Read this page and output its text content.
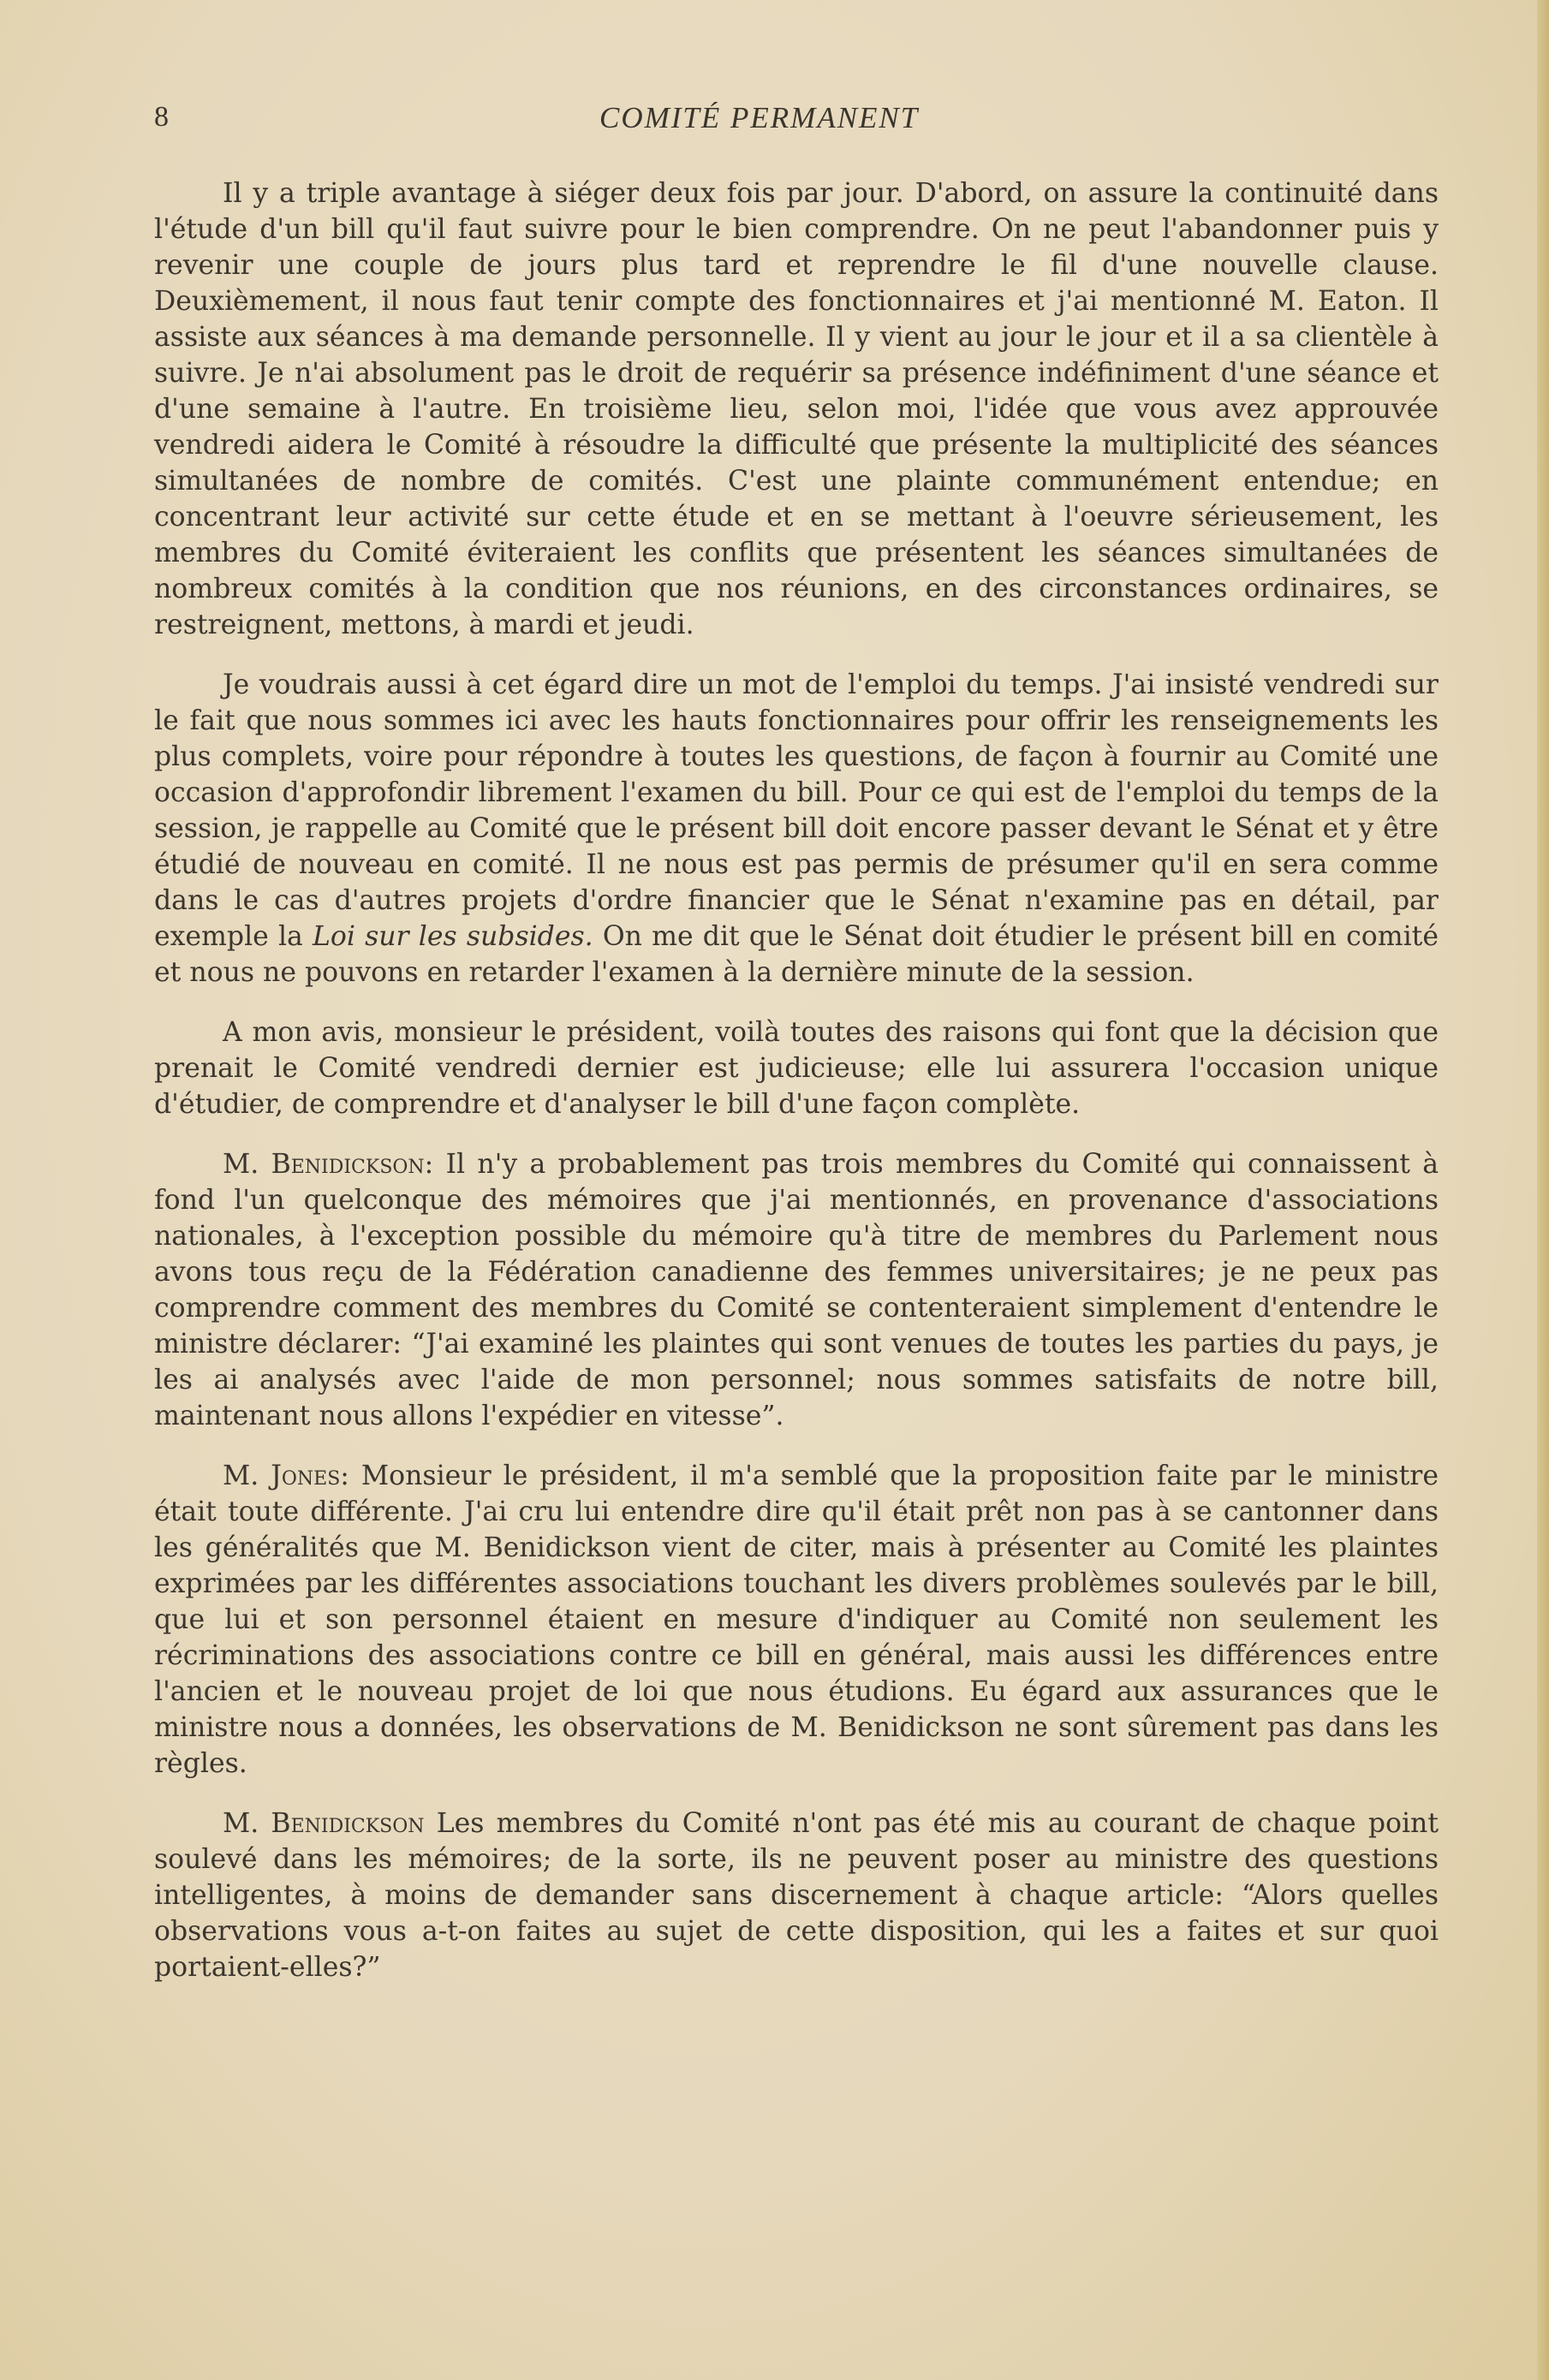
8	COMITÉ PERMANENT

Il y a triple avantage à siéger deux fois par jour. D'abord, on assure la continuité dans l'étude d'un bill qu'il faut suivre pour le bien comprendre. On ne peut l'abandonner puis y revenir une couple de jours plus tard et reprendre le fil d'une nouvelle clause. Deuxièmement, il nous faut tenir compte des fonctionnaires et j'ai mentionné M. Eaton. Il assiste aux séances à ma demande personnelle. Il y vient au jour le jour et il a sa clientèle à suivre. Je n'ai absolument pas le droit de requérir sa présence indéfiniment d'une séance et d'une semaine à l'autre. En troisième lieu, selon moi, l'idée que vous avez approuvée vendredi aidera le Comité à résoudre la difficulté que présente la multiplicité des séances simultanées de nombre de comités. C'est une plainte communément entendue; en concentrant leur activité sur cette étude et en se mettant à l'oeuvre sérieusement, les membres du Comité éviteraient les conflits que présentent les séances simultanées de nombreux comités à la condition que nos réunions, en des circonstances ordinaires, se restreignent, mettons, à mardi et jeudi.

Je voudrais aussi à cet égard dire un mot de l'emploi du temps. J'ai insisté vendredi sur le fait que nous sommes ici avec les hauts fonctionnaires pour offrir les renseignements les plus complets, voire pour répondre à toutes les questions, de façon à fournir au Comité une occasion d'approfondir librement l'examen du bill. Pour ce qui est de l'emploi du temps de la session, je rappelle au Comité que le présent bill doit encore passer devant le Sénat et y être étudié de nouveau en comité. Il ne nous est pas permis de présumer qu'il en sera comme dans le cas d'autres projets d'ordre financier que le Sénat n'examine pas en détail, par exemple la Loi sur les subsides. On me dit que le Sénat doit étudier le présent bill en comité et nous ne pouvons en retarder l'examen à la dernière minute de la session.

A mon avis, monsieur le président, voilà toutes des raisons qui font que la décision que prenait le Comité vendredi dernier est judicieuse; elle lui assurera l'occasion unique d'étudier, de comprendre et d'analyser le bill d'une façon complète.

M. Benidickson: Il n'y a probablement pas trois membres du Comité qui connaissent à fond l'un quelconque des mémoires que j'ai mentionnés, en provenance d'associations nationales, à l'exception possible du mémoire qu'à titre de membres du Parlement nous avons tous reçu de la Fédération canadienne des femmes universitaires; je ne peux pas comprendre comment des membres du Comité se contenteraient simplement d'entendre le ministre déclarer: “J'ai examiné les plaintes qui sont venues de toutes les parties du pays, je les ai analysés avec l'aide de mon personnel; nous sommes satisfaits de notre bill, maintenant nous allons l'expédier en vitesse”.

M. Jones: Monsieur le président, il m'a semblé que la proposition faite par le ministre était toute différente. J'ai cru lui entendre dire qu'il était prêt non pas à se cantonner dans les généralités que M. Benidickson vient de citer, mais à présenter au Comité les plaintes exprimées par les différentes associations touchant les divers problèmes soulevés par le bill, que lui et son personnel étaient en mesure d'indiquer au Comité non seulement les récriminations des associations contre ce bill en général, mais aussi les différences entre l'ancien et le nouveau projet de loi que nous étudions. Eu égard aux assurances que le ministre nous a données, les observations de M. Benidickson ne sont sûrement pas dans les règles.

M. Benidickson Les membres du Comité n'ont pas été mis au courant de chaque point soulevé dans les mémoires; de la sorte, ils ne peuvent poser au ministre des questions intelligentes, à moins de demander sans discernement à chaque article: “Alors quelles observations vous a-t-on faites au sujet de cette disposition, qui les a faites et sur quoi portaient-elles?”
